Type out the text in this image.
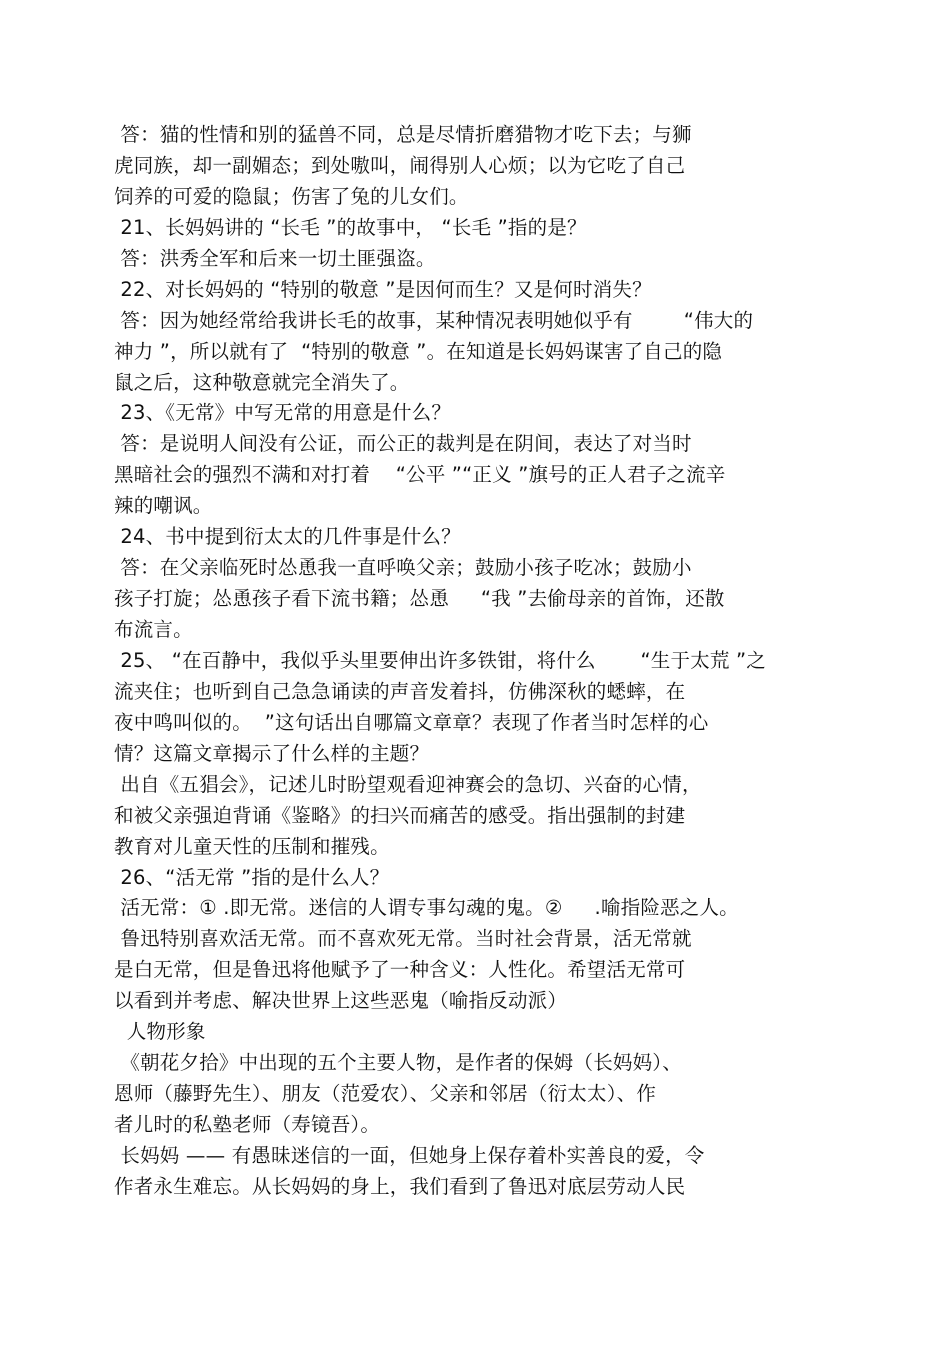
答：猫的性情和别的猛兽不同，总是尽情折磨猎物才吃下去；与狮
虎同族，却一副媚态；到处嗷叫，闹得别人心烦；以为它吃了自己
饲养的可爱的隐鼠；伤害了兔的儿女们。
21、长妈妈讲的 “长毛 ”的故事中， “长毛 ”指的是？
答：洪秀全军和后来一切土匪强盗。
22、对长妈妈的 “特别的敬意 ”是因何而生？又是何时消失？
答：因为她经常给我讲长毛的故事，某种情况表明她似乎有        “伟大的
神力 ”，所以就有了  “特别的敬意 ”。在知道是长妈妈谋害了自己的隐
鼠之后，这种敬意就完全消失了。
23、《无常》中写无常的用意是什么？
答：是说明人间没有公证，而公正的裁判是在阴间，表达了对当时
黑暗社会的强烈不满和对打着    “公平 ”“正义 ”旗号的正人君子之流辛
辣的嘲讽。
24、书中提到衍太太的几件事是什么？
答：在父亲临死时怂恿我一直呼唤父亲；鼓励小孩子吃冰；鼓励小
孩子打旋；怂恿孩子看下流书籍；怂恿     “我 ”去偷母亲的首饰，还散
布流言。
25、 “在百静中，我似乎头里要伸出许多铁钳，将什么       “生于太荒 ”之
流夹住；也听到自己急急诵读的声音发着抖，仿佛深秋的蟋蟀，在
夜中鸣叫似的。  ”这句话出自哪篇文章章？表现了作者当时怎样的心
情？这篇文章揭示了什么样的主题？
出自《五猖会》，记述儿时盼望观看迎神赛会的急切、兴奋的心情，
和被父亲强迫背诵《鉴略》的扫兴而痛苦的感受。指出强制的封建
教育对儿童天性的压制和摧残。
26、“活无常 ”指的是什么人？
活无常：① .即无常。迷信的人谓专事勾魂的鬼。②     .喻指险恶之人。
鲁迅特别喜欢活无常。而不喜欢死无常。当时社会背景，活无常就
是白无常，但是鲁迅将他赋予了一种含义：人性化。希望活无常可
以看到并考虑、解决世界上这些恶鬼（喻指反动派）
人物形象
《朝花夕拾》中出现的五个主要人物，是作者的保姆（长妈妈）、
恩师（藤野先生）、朋友（范爱农）、父亲和邻居（衍太太）、作
者儿时的私塾老师（寿镜吾）。
长妈妈 —— 有愚昧迷信的一面，但她身上保存着朴实善良的爱，令
作者永生难忘。从长妈妈的身上，我们看到了鲁迅对底层劳动人民
